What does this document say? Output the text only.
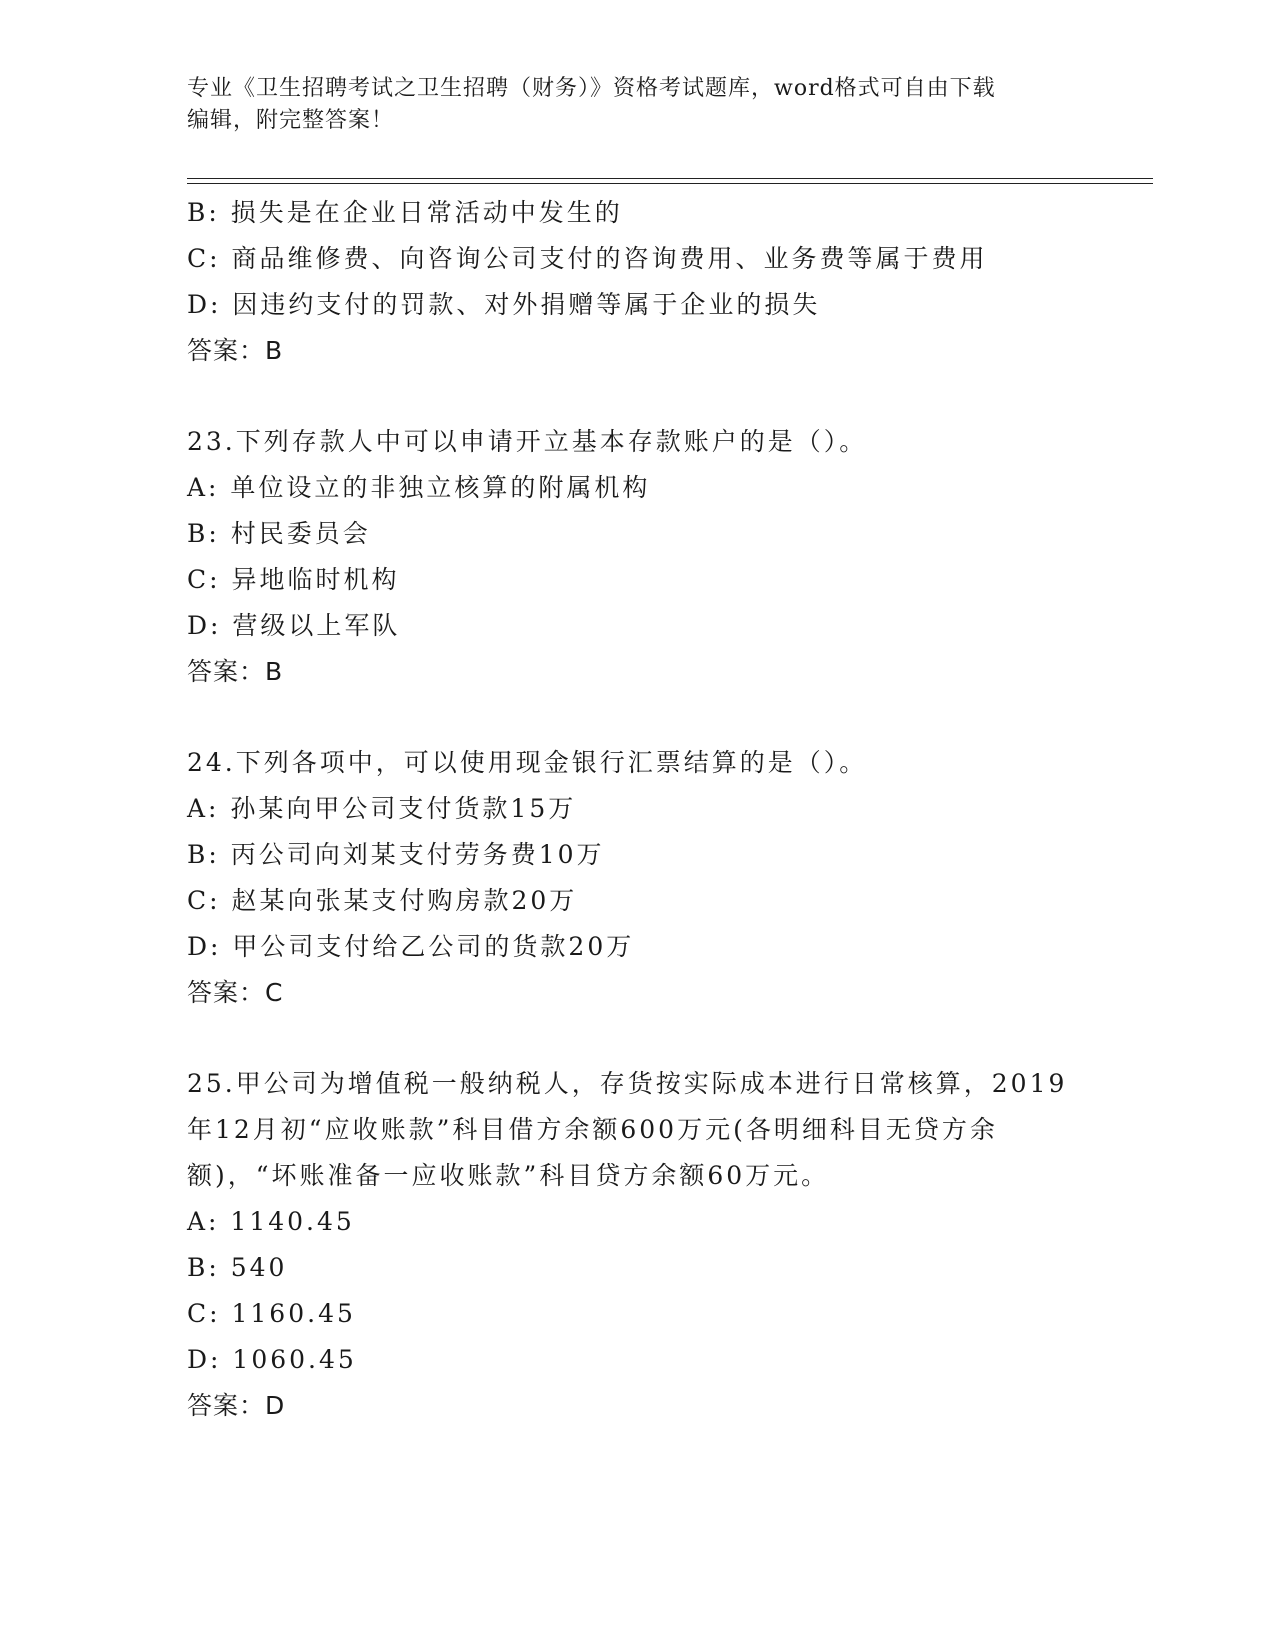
专业《卫生招聘考试之卫生招聘（财务）》资格考试题库，word格式可自由下载
编辑，附完整答案！
B: 损失是在企业日常活动中发生的
C: 商品维修费、向咨询公司支付的咨询费用、业务费等属于费用
D: 因违约支付的罚款、对外捐赠等属于企业的损失
答案：B
23.下列存款人中可以申请开立基本存款账户的是（）。
A: 单位设立的非独立核算的附属机构
B: 村民委员会
C: 异地临时机构
D: 营级以上军队
答案：B
24.下列各项中，可以使用现金银行汇票结算的是（）。
A: 孙某向甲公司支付货款15万
B: 丙公司向刘某支付劳务费10万
C: 赵某向张某支付购房款20万
D: 甲公司支付给乙公司的货款20万
答案：C
25.甲公司为增值税一般纳税人，存货按实际成本进行日常核算，2019
年12月初“应收账款”科目借方余额600万元(各明细科目无贷方余
额)，“坏账准备一应收账款”科目贷方余额60万元。
A: 1140.45
B: 540
C: 1160.45
D: 1060.45
答案：D
